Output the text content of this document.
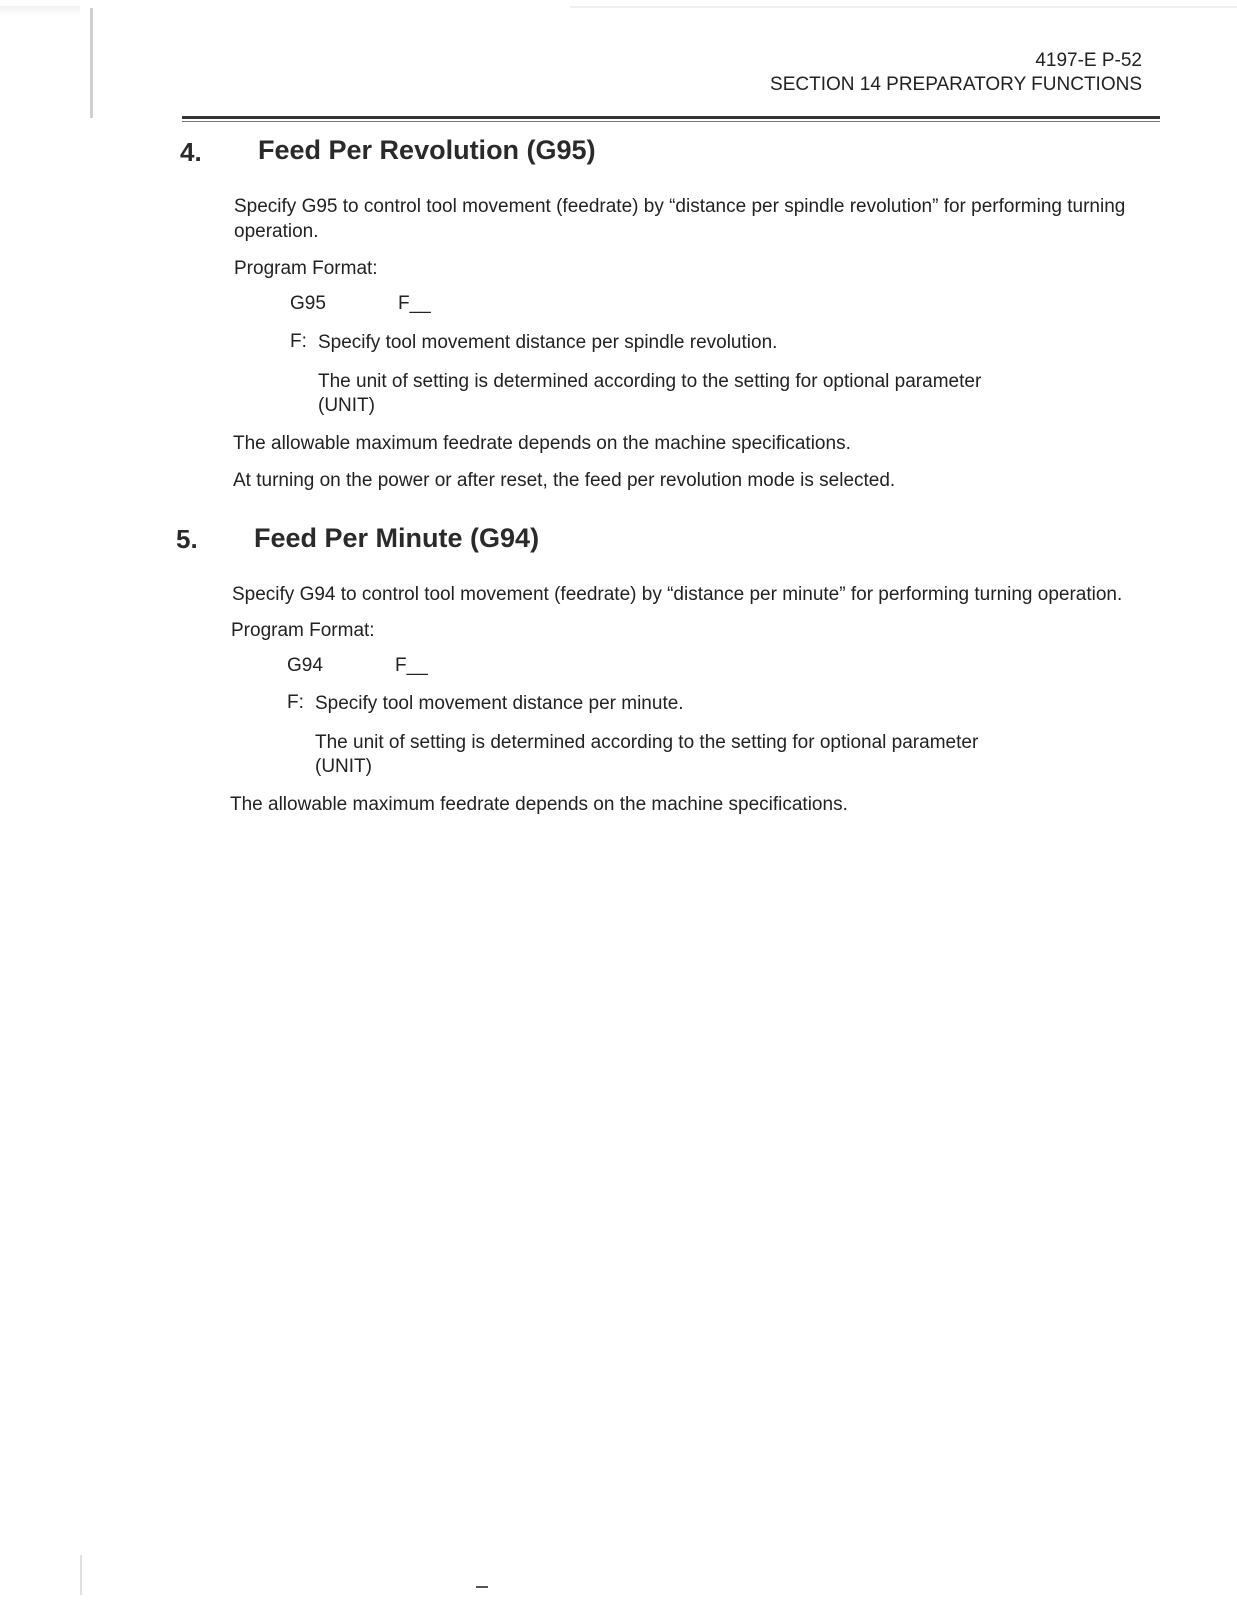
4197-E P-52
SECTION 14 PREPARATORY FUNCTIONS
4. Feed Per Revolution (G95)
Specify G95 to control tool movement (feedrate) by “distance per spindle revolution” for performing turning
operation.
Program Format:
G95	F__
F: Specify tool movement distance per spindle revolution.
The unit of setting is determined according to the setting for optional parameter
(UNIT)
The allowable maximum feedrate depends on the machine specifications.
At turning on the power or after reset, the feed per revolution mode is selected.
5. Feed Per Minute (G94)
Specify G94 to control tool movement (feedrate) by “distance per minute” for performing turning operation.
Program Format:
G94	F__
F: Specify tool movement distance per minute.
The unit of setting is determined according to the setting for optional parameter
(UNIT)
The allowable maximum feedrate depends on the machine specifications.
